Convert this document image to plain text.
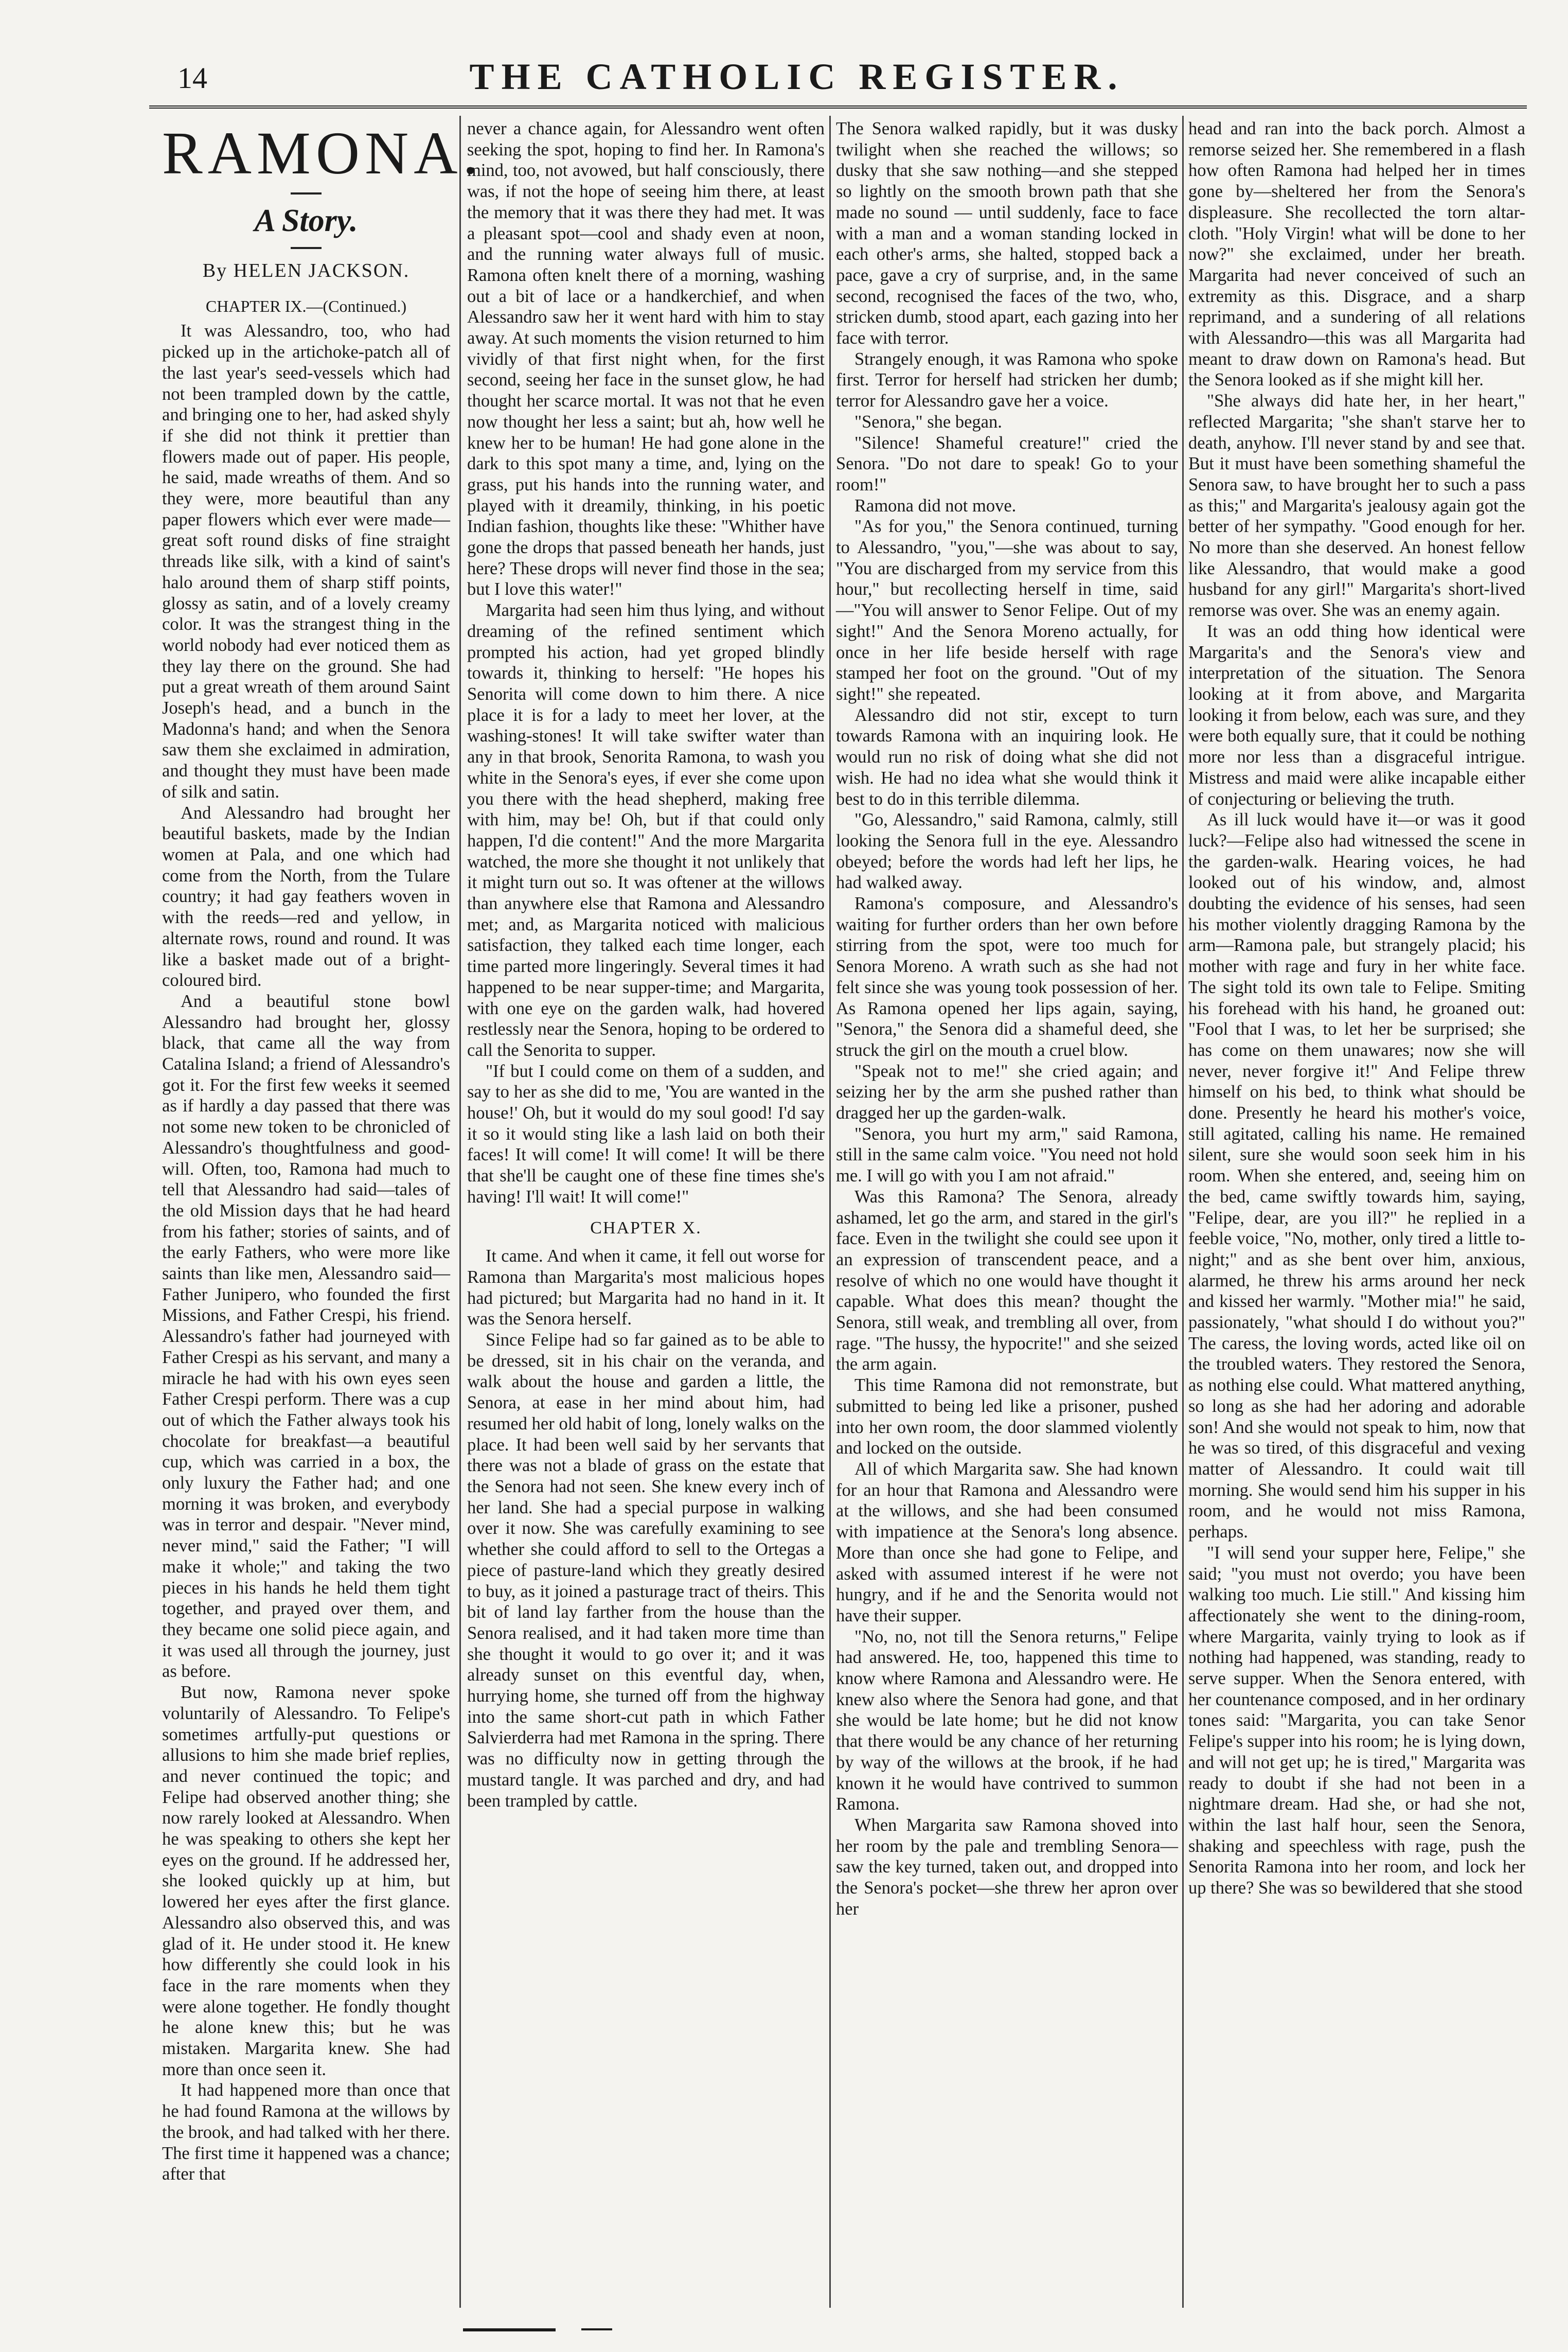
14	THE CATHOLIC REGISTER.
RAMONA.
A Story.
By HELEN JACKSON.
CHAPTER IX.—(Continued.)

It was Alessandro, too, who had picked up in the artichoke-patch all of the last year's seed-vessels which had not been trampled down by the cattle, and bringing one to her, had asked shyly if she did not think it prettier than flowers made out of paper. His people, he said, made wreaths of them. And so they were, more beautiful than any paper flowers which ever were made—great soft round disks of fine straight threads like silk, with a kind of saint's halo around them of sharp stiff points, glossy as satin, and of a lovely creamy color. It was the strangest thing in the world nobody had ever noticed them as they lay there on the ground. She had put a great wreath of them around Saint Joseph's head, and a bunch in the Madonna's hand; and when the Senora saw them she exclaimed in admiration, and thought they must have been made of silk and satin.

And Alessandro had brought her beautiful baskets, made by the Indian women at Pala, and one which had come from the North, from the Tulare country; it had gay feathers woven in with the reeds—red and yellow, in alternate rows, round and round. It was like a basket made out of a bright-coloured bird.

And a beautiful stone bowl Alessandro had brought her, glossy black, that came all the way from Catalina Island; a friend of Alessandro's got it. For the first few weeks it seemed as if hardly a day passed that there was not some new token to be chronicled of Alessandro's thoughtfulness and good-will. Often, too, Ramona had much to tell that Alessandro had said—tales of the old Mission days that he had heard from his father; stories of saints, and of the early Fathers, who were more like saints than like men, Alessandro said—Father Junipero, who founded the first Missions, and Father Crespi, his friend. Alessandro's father had journeyed with Father Crespi as his servant, and many a miracle he had with his own eyes seen Father Crespi perform. There was a cup out of which the Father always took his chocolate for breakfast—a beautiful cup, which was carried in a box, the only luxury the Father had; and one morning it was broken, and everybody was in terror and despair. "Never mind, never mind," said the Father; "I will make it whole;" and taking the two pieces in his hands he held them tight together, and prayed over them, and they became one solid piece again, and it was used all through the journey, just as before.

But now, Ramona never spoke voluntarily of Alessandro. To Felipe's sometimes artfully-put questions or allusions to him she made brief replies, and never continued the topic; and Felipe had observed another thing; she now rarely looked at Alessandro. When he was speaking to others she kept her eyes on the ground. If he addressed her, she looked quickly up at him, but lowered her eyes after the first glance. Alessandro also observed this, and was glad of it. He under stood it. He knew how differently she could look in his face in the rare moments when they were alone together. He fondly thought he alone knew this; but he was mistaken. Margarita knew. She had more than once seen it.

It had happened more than once that he had found Ramona at the willows by the brook, and had talked with her there. The first time it happened was a chance; after that

never a chance again, for Alessandro went often seeking the spot, hoping to find her. In Ramona's mind, too, not avowed, but half consciously, there was, if not the hope of seeing him there, at least the memory that it was there they had met. It was a pleasant spot—cool and shady even at noon, and the running water always full of music. Ramona often knelt there of a morning, washing out a bit of lace or a handkerchief, and when Alessandro saw her it went hard with him to stay away. At such moments the vision returned to him vividly of that first night when, for the first second, seeing her face in the sunset glow, he had thought her scarce mortal. It was not that he even now thought her less a saint; but ah, how well he knew her to be human! He had gone alone in the dark to this spot many a time, and, lying on the grass, put his hands into the running water, and played with it dreamily, thinking, in his poetic Indian fashion, thoughts like these: "Whither have gone the drops that passed beneath her hands, just here? These drops will never find those in the sea; but I love this water!"

Margarita had seen him thus lying, and without dreaming of the refined sentiment which prompted his action, had yet groped blindly towards it, thinking to herself: "He hopes his Senorita will come down to him there. A nice place it is for a lady to meet her lover, at the washing-stones! It will take swifter water than any in that brook, Senorita Ramona, to wash you white in the Senora's eyes, if ever she come upon you there with the head shepherd, making free with him, may be! Oh, but if that could only happen, I'd die content!" And the more Margarita watched, the more she thought it not unlikely that it might turn out so. It was oftener at the willows than anywhere else that Ramona and Alessandro met; and, as Margarita noticed with malicious satisfaction, they talked each time longer, each time parted more lingeringly. Several times it had happened to be near supper-time; and Margarita, with one eye on the garden walk, had hovered restlessly near the Senora, hoping to be ordered to call the Senorita to supper.

"If but I could come on them of a sudden, and say to her as she did to me, 'You are wanted in the house!' Oh, but it would do my soul good! I'd say it so it would sting like a lash laid on both their faces! It will come! It will come! It will be there that she'll be caught one of these fine times she's having! I'll wait! It will come!"

CHAPTER X.

It came. And when it came, it fell out worse for Ramona than Margarita's most malicious hopes had pictured; but Margarita had no hand in it. It was the Senora herself.

Since Felipe had so far gained as to be able to be dressed, sit in his chair on the veranda, and walk about the house and garden a little, the Senora, at ease in her mind about him, had resumed her old habit of long, lonely walks on the place. It had been well said by her servants that there was not a blade of grass on the estate that the Senora had not seen. She knew every inch of her land. She had a special purpose in walking over it now. She was carefully examining to see whether she could afford to sell to the Ortegas a piece of pasture-land which they greatly desired to buy, as it joined a pasturage tract of theirs. This bit of land lay farther from the house than the Senora realised, and it had taken more time than she thought it would to go over it; and it was already sunset on this eventful day, when, hurrying home, she turned off from the highway into the same short-cut path in which Father Salvierderra had met Ramona in the spring. There was no difficulty now in getting through the mustard tangle. It was parched and dry, and had been trampled by cattle.

The Senora walked rapidly, but it was dusky twilight when she reached the willows; so dusky that she saw nothing—and she stepped so lightly on the smooth brown path that she made no sound — until suddenly, face to face with a man and a woman standing locked in each other's arms, she halted, stopped back a pace, gave a cry of surprise, and, in the same second, recognised the faces of the two, who, stricken dumb, stood apart, each gazing into her face with terror.

Strangely enough, it was Ramona who spoke first. Terror for herself had stricken her dumb; terror for Alessandro gave her a voice.

"Senora," she began.

"Silence! Shameful creature!" cried the Senora. "Do not dare to speak! Go to your room!"

Ramona did not move.

"As for you," the Senora continued, turning to Alessandro, "you,"—she was about to say, "You are discharged from my service from this hour," but recollecting herself in time, said—"You will answer to Senor Felipe. Out of my sight!" And the Senora Moreno actually, for once in her life beside herself with rage stamped her foot on the ground. "Out of my sight!" she repeated.

Alessandro did not stir, except to turn towards Ramona with an inquiring look. He would run no risk of doing what she did not wish. He had no idea what she would think it best to do in this terrible dilemma.

"Go, Alessandro," said Ramona, calmly, still looking the Senora full in the eye. Alessandro obeyed; before the words had left her lips, he had walked away.

Ramona's composure, and Alessandro's waiting for further orders than her own before stirring from the spot, were too much for Senora Moreno. A wrath such as she had not felt since she was young took possession of her. As Ramona opened her lips again, saying, "Senora," the Senora did a shameful deed, she struck the girl on the mouth a cruel blow.

"Speak not to me!" she cried again; and seizing her by the arm she pushed rather than dragged her up the garden-walk.

"Senora, you hurt my arm," said Ramona, still in the same calm voice. "You need not hold me. I will go with you I am not afraid."

Was this Ramona? The Senora, already ashamed, let go the arm, and stared in the girl's face. Even in the twilight she could see upon it an expression of transcendent peace, and a resolve of which no one would have thought it capable. What does this mean? thought the Senora, still weak, and trembling all over, from rage. "The hussy, the hypocrite!" and she seized the arm again.

This time Ramona did not remonstrate, but submitted to being led like a prisoner, pushed into her own room, the door slammed violently and locked on the outside.

All of which Margarita saw. She had known for an hour that Ramona and Alessandro were at the willows, and she had been consumed with impatience at the Senora's long absence. More than once she had gone to Felipe, and asked with assumed interest if he were not hungry, and if he and the Senorita would not have their supper.

"No, no, not till the Senora returns," Felipe had answered. He, too, happened this time to know where Ramona and Alessandro were. He knew also where the Senora had gone, and that she would be late home; but he did not know that there would be any chance of her returning by way of the willows at the brook, if he had known it he would have contrived to summon Ramona.

When Margarita saw Ramona shoved into her room by the pale and trembling Senora—saw the key turned, taken out, and dropped into the Senora's pocket—she threw her apron over her

head and ran into the back porch. Almost a remorse seized her. She remembered in a flash how often Ramona had helped her in times gone by—sheltered her from the Senora's displeasure. She recollected the torn altar-cloth. "Holy Virgin! what will be done to her now?" she exclaimed, under her breath. Margarita had never conceived of such an extremity as this. Disgrace, and a sharp reprimand, and a sundering of all relations with Alessandro—this was all Margarita had meant to draw down on Ramona's head. But the Senora looked as if she might kill her.

"She always did hate her, in her heart," reflected Margarita; "she shan't starve her to death, anyhow. I'll never stand by and see that. But it must have been something shameful the Senora saw, to have brought her to such a pass as this;" and Margarita's jealousy again got the better of her sympathy. "Good enough for her. No more than she deserved. An honest fellow like Alessandro, that would make a good husband for any girl!" Margarita's short-lived remorse was over. She was an enemy again.

It was an odd thing how identical were Margarita's and the Senora's view and interpretation of the situation. The Senora looking at it from above, and Margarita looking it from below, each was sure, and they were both equally sure, that it could be nothing more nor less than a disgraceful intrigue. Mistress and maid were alike incapable either of conjecturing or believing the truth.

As ill luck would have it—or was it good luck?—Felipe also had witnessed the scene in the garden-walk. Hearing voices, he had looked out of his window, and, almost doubting the evidence of his senses, had seen his mother violently dragging Ramona by the arm—Ramona pale, but strangely placid; his mother with rage and fury in her white face. The sight told its own tale to Felipe. Smiting his forehead with his hand, he groaned out: "Fool that I was, to let her be surprised; she has come on them unawares; now she will never, never forgive it!" And Felipe threw himself on his bed, to think what should be done. Presently he heard his mother's voice, still agitated, calling his name. He remained silent, sure she would soon seek him in his room. When she entered, and, seeing him on the bed, came swiftly towards him, saying, "Felipe, dear, are you ill?" he replied in a feeble voice, "No, mother, only tired a little to-night;" and as she bent over him, anxious, alarmed, he threw his arms around her neck and kissed her warmly. "Mother mia!" he said, passionately, "what should I do without you?" The caress, the loving words, acted like oil on the troubled waters. They restored the Senora, as nothing else could. What mattered anything, so long as she had her adoring and adorable son! And she would not speak to him, now that he was so tired, of this disgraceful and vexing matter of Alessandro. It could wait till morning. She would send him his supper in his room, and he would not miss Ramona, perhaps.

"I will send your supper here, Felipe," she said; "you must not overdo; you have been walking too much. Lie still." And kissing him affectionately she went to the dining-room, where Margarita, vainly trying to look as if nothing had happened, was standing, ready to serve supper. When the Senora entered, with her countenance composed, and in her ordinary tones said: "Margarita, you can take Senor Felipe's supper into his room; he is lying down, and will not get up; he is tired," Margarita was ready to doubt if she had not been in a nightmare dream. Had she, or had she not, within the last half hour, seen the Senora, shaking and speechless with rage, push the Senorita Ramona into her room, and lock her up there? She was so bewildered that she stood
